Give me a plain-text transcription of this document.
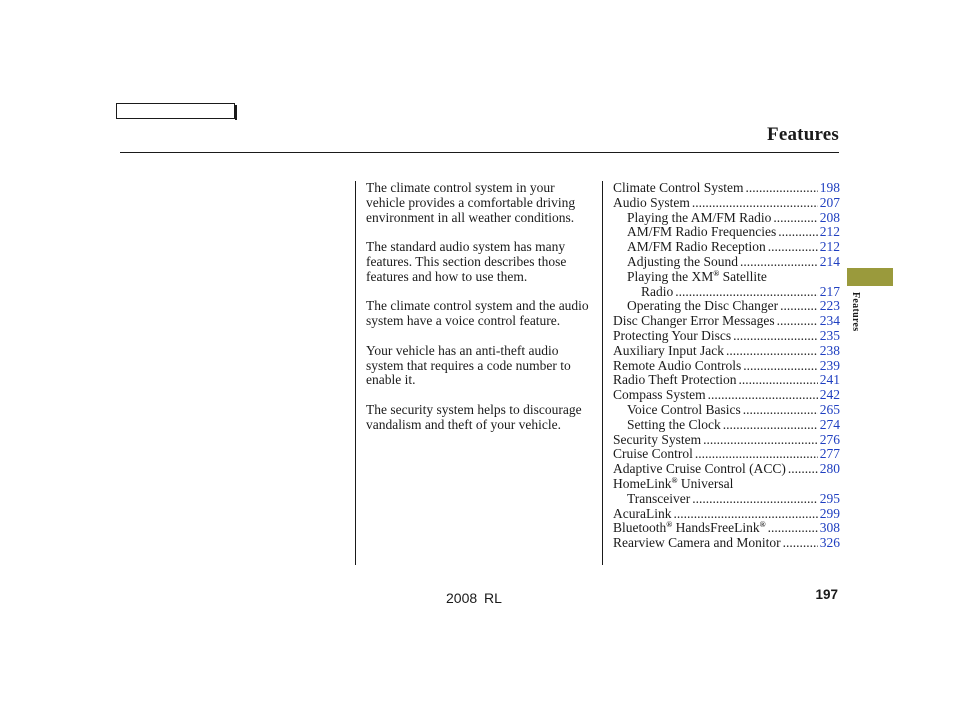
Features

The climate control system in your vehicle provides a comfortable driving environment in all weather conditions.

The standard audio system has many features. This section describes those features and how to use them.

The climate control system and the audio system have a voice control feature.

Your vehicle has an anti-theft audio system that requires a code number to enable it.

The security system helps to discourage vandalism and theft of your vehicle.

Climate Control System .....	198
Audio System .....	207
Playing the AM/FM Radio .....	208
AM/FM Radio Frequencies .....	212
AM/FM Radio Reception .....	212
Adjusting the Sound .....	214
Playing the XM® Satellite
Radio .....	217
Operating the Disc Changer .....	223
Disc Changer Error Messages .....	234
Protecting Your Discs .....	235
Auxiliary Input Jack .....	238
Remote Audio Controls .....	239
Radio Theft Protection .....	241
Compass System .....	242
Voice Control Basics .....	265
Setting the Clock .....	274
Security System .....	276
Cruise Control .....	277
Adaptive Cruise Control (ACC) .....	280
HomeLink® Universal
Transceiver .....	295
AcuraLink .....	299
Bluetooth® HandsFreeLink® .....	308
Rearview Camera and Monitor .....	326
Features
2008 RL	197
